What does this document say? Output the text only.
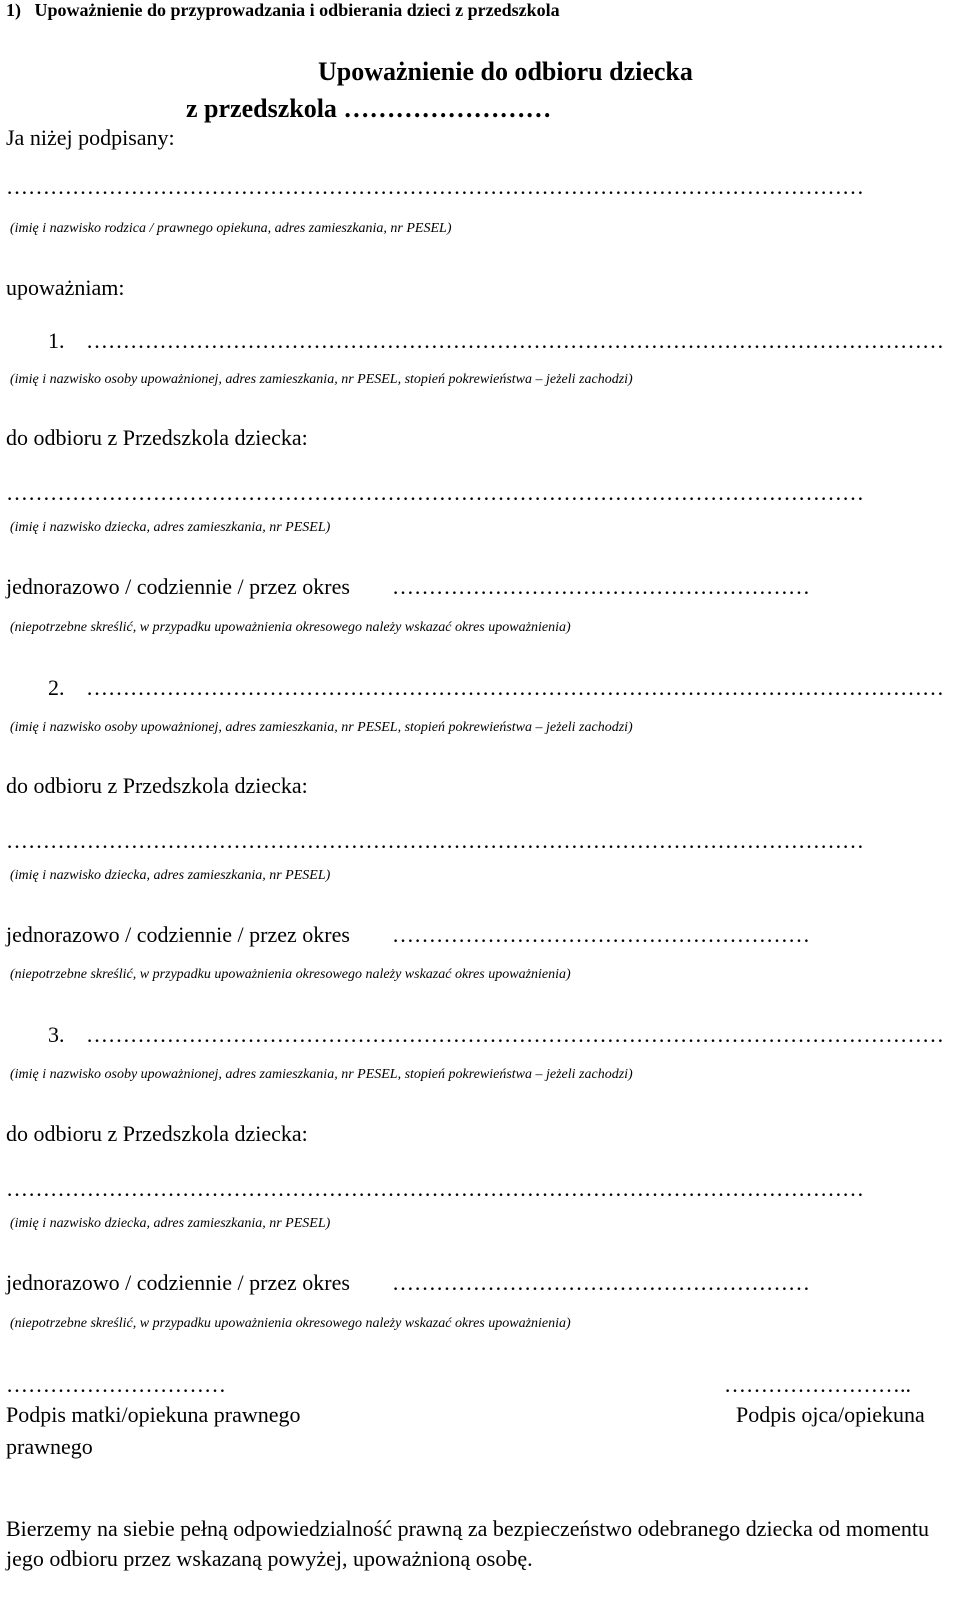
1)   Upoważnienie do przyprowadzania i odbierania dzieci z przedszkola
Upoważnienie do odbioru dziecka
z przedszkola ……………………
Ja niżej podpisany:
………………………………………………………………………………………………………
(imię i nazwisko rodzica / prawnego opiekuna, adres zamieszkania, nr PESEL)
upoważniam:
1. ………………………………………………………………………………………………………
(imię i nazwisko osoby upoważnionej, adres zamieszkania, nr PESEL, stopień pokrewieństwa – jeżeli zachodzi)
do odbioru z Przedszkola dziecka:
………………………………………………………………………………………………………
(imię i nazwisko dziecka, adres zamieszkania, nr PESEL)
jednorazowo / codziennie / przez okres …………………………………………………
(niepotrzebne skreślić, w przypadku upoważnienia okresowego należy wskazać okres upoważnienia)
2. ………………………………………………………………………………………………………
(imię i nazwisko osoby upoważnionej, adres zamieszkania, nr PESEL, stopień pokrewieństwa – jeżeli zachodzi)
do odbioru z Przedszkola dziecka:
………………………………………………………………………………………………………
(imię i nazwisko dziecka, adres zamieszkania, nr PESEL)
jednorazowo / codziennie / przez okres …………………………………………………
(niepotrzebne skreślić, w przypadku upoważnienia okresowego należy wskazać okres upoważnienia)
3. ………………………………………………………………………………………………………
(imię i nazwisko osoby upoważnionej, adres zamieszkania, nr PESEL, stopień pokrewieństwa – jeżeli zachodzi)
do odbioru z Przedszkola dziecka:
………………………………………………………………………………………………………
(imię i nazwisko dziecka, adres zamieszkania, nr PESEL)
jednorazowo / codziennie / przez okres …………………………………………………
(niepotrzebne skreślić, w przypadku upoważnienia okresowego należy wskazać okres upoważnienia)
…………………………	……………………..
Podpis matki/opiekuna prawnego	Podpis ojca/opiekuna
prawnego
Bierzemy na siebie pełną odpowiedzialność prawną za bezpieczeństwo odebranego dziecka od momentu jego odbioru przez wskazaną powyżej, upoważnioną osobę.
